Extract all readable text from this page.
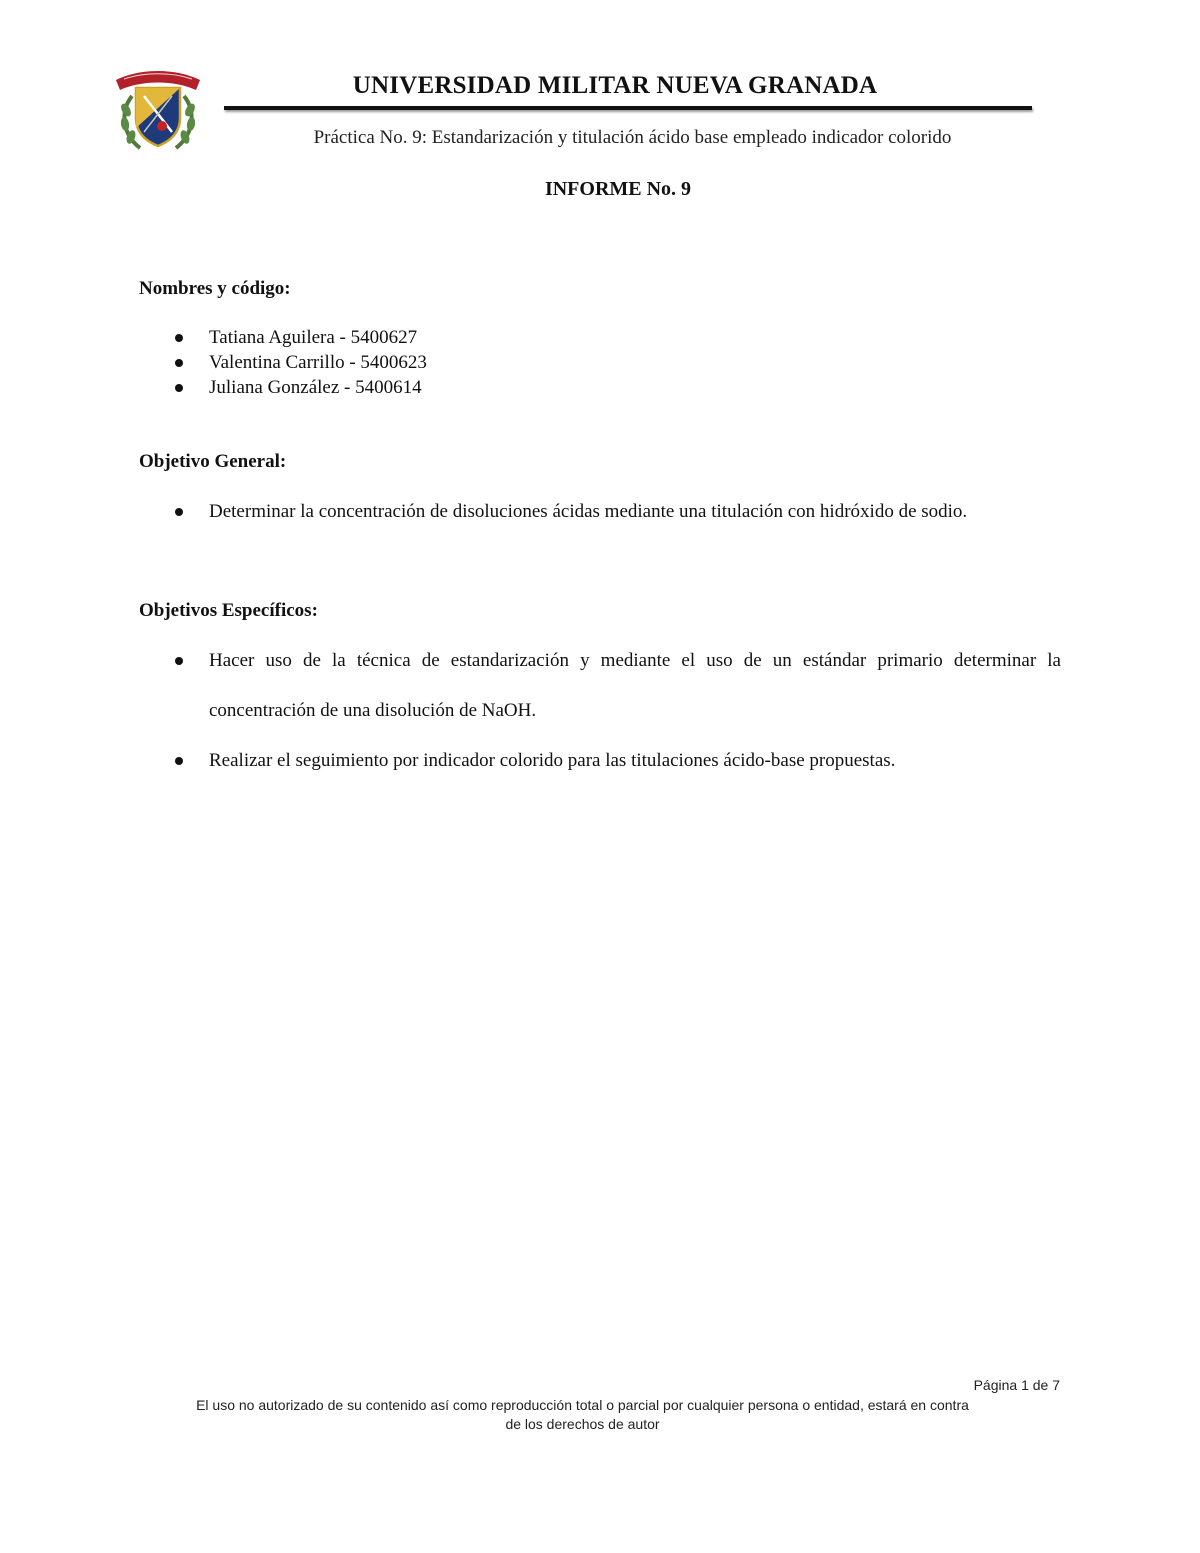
UNIVERSIDAD MILITAR NUEVA GRANADA
Práctica No. 9: Estandarización y titulación ácido base empleado indicador colorido
INFORME No. 9
Nombres y código:
Tatiana Aguilera - 5400627
Valentina Carrillo - 5400623
Juliana González - 5400614
Objetivo General:
Determinar la concentración de disoluciones ácidas mediante una titulación con hidróxido de sodio.
Objetivos Específicos:
Hacer uso de la técnica de estandarización y mediante el uso de un estándar primario determinar la concentración de una disolución de NaOH.
Realizar el seguimiento por indicador colorido para las titulaciones ácido-base propuestas.
Página 1 de 7
El uso no autorizado de su contenido así como reproducción total o parcial por cualquier persona o entidad, estará en contra
de los derechos de autor
